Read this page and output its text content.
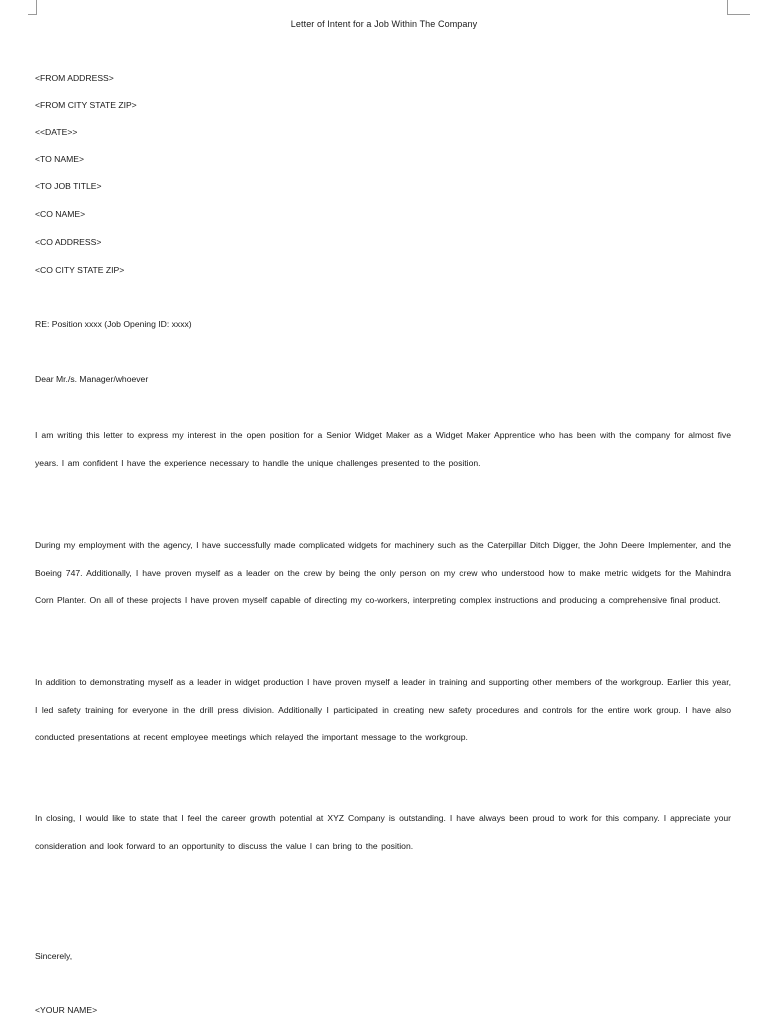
Letter of Intent for a Job Within The Company
<FROM ADDRESS>
<FROM CITY STATE ZIP>
<<DATE>>
<TO NAME>
<TO JOB TITLE>
<CO NAME>
<CO ADDRESS>
<CO CITY STATE ZIP>
RE: Position xxxx (Job Opening ID: xxxx)
Dear Mr./s. Manager/whoever
I am writing this letter to express my interest in the open position for a Senior Widget Maker as a Widget Maker Apprentice who has been with the company for almost five years. I am confident I have the experience necessary to handle the unique challenges presented to the position.
During my employment with the agency, I have successfully made complicated widgets for machinery such as the Caterpillar Ditch Digger, the John Deere Implementer, and the Boeing 747. Additionally, I have proven myself as a leader on the crew by being the only person on my crew who understood how to make metric widgets for the Mahindra Corn Planter. On all of these projects I have proven myself capable of directing my co-workers, interpreting complex instructions and producing a comprehensive final product.
In addition to demonstrating myself as a leader in widget production I have proven myself a leader in training and supporting other members of the workgroup. Earlier this year, I led safety training for everyone in the drill press division. Additionally I participated in creating new safety procedures and controls for the entire work group. I have also conducted presentations at recent employee meetings which relayed the important message to the workgroup.
In closing, I would like to state that I feel the career growth potential at XYZ Company is outstanding. I have always been proud to work for this company. I appreciate your consideration and look forward to an opportunity to discuss the value I can bring to the position.
Sincerely,
<YOUR NAME>
